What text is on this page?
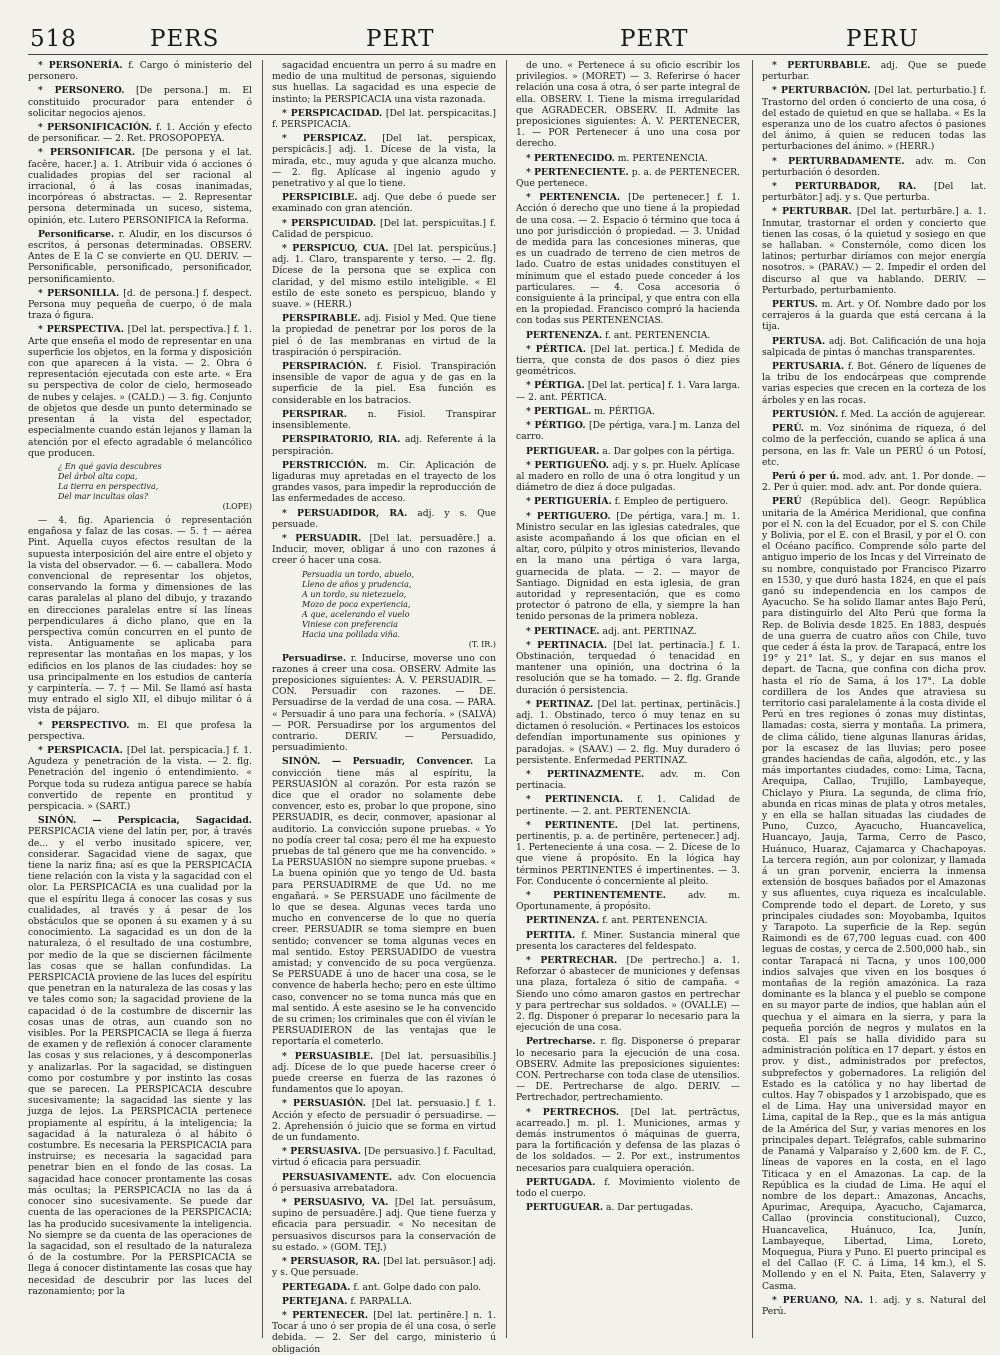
518	PERS	PERT	PERT	PERU

* PERSONERÍA. f. Cargo ó ministerio del personero.

* PERSONERO. [De persona.] m. El constituido procurador para entender ó solicitar negocios ajenos.

* PERSONIFICACIÓN. f. 1. Acción y efecto de personificar. — 2. Ret. PROSOPOPEYA.

* PERSONIFICAR. [De persona y el lat. facĕre, hacer.] a. 1. Atribuir vida ó acciones ó cualidades propias del ser racional al irracional, ó á las cosas inanimadas, incorpóreas ó abstractas. — 2. Representar persona determinada un suceso, sistema, opinión, etc. Lutero PERSONIFICA la Reforma.

Personificarse. r. Aludir, en los discursos ó escritos, á personas determinadas. OBSERV. Antes de E la C se convierte en QU. DERIV. — Personificable, personificado, personificador, personificamiento.

* PERSONILLA. [d. de persona.] f. despect. Persona muy pequeña de cuerpo, ó de mala traza ó figura.

* PERSPECTIVA. [Del lat. perspectīva.] f. 1. Arte que enseña el modo de representar en una superficie los objetos, en la forma y disposición con que aparecen á la vista. — 2. Obra ó representación ejecutada con este arte. « Era su perspectiva de color de cielo, hermoseado de nubes y celajes. » (CALD.) — 3. fig. Conjunto de objetos que desde un punto determinado se presentan á la vista del espectador, especialmente cuando están lejanos y llaman la atención por el efecto agradable ó melancólico que producen.

¿ En qué gavia descubres
Del árbol alta copa,
La tierra en perspectiva,
Del mar incultas olas?
(LOPE)

— 4. fig. Apariencia ó representación engañosa y falaz de las cosas. — 5. † — aérea Pint. Aquella cuyos efectos resultan de la supuesta interposición del aire entre el objeto y la vista del observador. — 6. — caballera. Modo convencional de representar los objetos, conservando la forma y dimensiones de las caras paralelas al plano del dibujo, y trazando en direcciones paralelas entre sí las líneas perpendiculares á dicho plano, que en la perspectiva común concurren en el punto de vista. Antiguamente se aplicaba para representar las montañas en los mapas, y los edificios en los planos de las ciudades: hoy se usa principalmente en los estudios de cantería y carpintería. — 7. † — Mil. Se llamó así hasta muy entrado el siglo XII, el dibujo militar ó á vista de pájaro.

* PERSPECTIVO. m. El que profesa la perspectiva.

* PERSPICACIA. [Del lat. perspicacĭa.] f. 1. Agudeza y penetración de la vista. — 2. flg. Penetración del ingenio ó entendimiento. « Porque toda su rudeza antigua parece se había convertido de repente en prontitud y perspicacia. » (SART.)

SINÓN. — Perspicacia, Sagacidad. PERSPICACIA viene del latín per, por, á través de... y el verbo inusitado spicere, ver, considerar. Sagacidad viene de sagax, que tiene la nariz fina; así es que la PERSPICACIA tiene relación con la vista y la sagacidad con el olor. La PERSPICACIA es una cualidad por la que el espíritu llega á conocer las cosas y sus cualidades, al través y á pesar de los obstáculos que se oponen á su examen y á su conocimiento. La sagacidad es un don de la naturaleza, ó el resultado de una costumbre, por medio de la que se disciernen fácilmente las cosas que se hallan confundidas. La PERSPICACIA proviene de las luces del espíritu que penetran en la naturaleza de las cosas y las ve tales como son; la sagacidad proviene de la capacidad ó de la costumbre de discernir las cosas unas de otras, aun cuando son no visibles. Por la PERSPICACIA se llega á fuerza de examen y de reflexión á conocer claramente las cosas y sus relaciones, y á descomponerlas y analizarlas. Por la sagacidad, se distinguen como por costumbre y por instinto las cosas que se parecen. La PERSPICACIA descubre sucesivamente; la sagacidad las siente y las juzga de lejos. La PERSPICACIA pertenece propiamente al espíritu, á la inteligencia; la sagacidad á la naturaleza ó al hábito ó costumbre. Es necesaria la PERSPICACIA para instruirse; es necesaria la sagacidad para penetrar bien en el fondo de las cosas. La sagacidad hace conocer prontamente las cosas más ocultas; la PERSPICACIA no las da á conocer sino sucesivamente. Se puede dar cuenta de las operaciones de la PERSPICACIA; las ha producido sucesivamente la inteligencia. No siempre se da cuenta de las operaciones de la sagacidad, son el resultado de la naturaleza ó de la costumbre. Por la PERSPICACIA se llega á conocer distintamente las cosas que hay necesidad de descubrir por las luces del razonamiento; por la

sagacidad encuentra un perro á su madre en medio de una multitud de personas, siguiendo sus huellas. La sagacidad es una especie de instinto; la PERSPICACIA una vista razonada.

* PERSPICACIDAD. [Del lat. perspicacitas.] f. PERSPICACIA.

* PERSPICAZ. [Del lat. perspicax, perspicācis.] adj. 1. Dícese de la vista, la mirada, etc., muy aguda y que alcanza mucho. — 2. flg. Aplícase al ingenio agudo y penetrativo y al que lo tiene.

PERSPICIBLE. adj. Que debe ó puede ser examinado con gran atención.

* PERSPICUIDAD. [Del lat. perspicuĭtas.] f. Calidad de perspicuo.

* PERSPICUO, CUA. [Del lat. perspicŭus.] adj. 1. Claro, transparente y terso. — 2. flg. Dícese de la persona que se explica con claridad, y del mismo estilo inteligible. « El estilo de este soneto es perspicuo, blando y suave. » (HERR.)

PERSPIRABLE. adj. Fisiol y Med. Que tiene la propiedad de penetrar por los poros de la piel ó de las membranas en virtud de la traspiración ó perspiración.

PERSPIRACIÓN. f. Fisiol. Transpiración insensible de vapor de agua y de gas en la superficie de la piel. Esa función es considerable en los batracios.

PERSPIRAR. n. Fisiol. Transpirar insensiblemente.

PERSPIRATORIO, RIA. adj. Referente á la perspiración.

PERSTRICCIÓN. m. Cir. Aplicación de ligaduras muy apretadas en el trayecto de los grandes vasos, para impedir la reproducción de las enfermedades de acceso.

* PERSUADIDOR, RA. adj. y s. Que persuade.

* PERSUADIR. [Del lat. persuadēre.] a. Inducir, mover, obligar á uno con razones á creer ó hacer una cosa.

Persuadia un tordo, abuelo,
Lleno de años y prudencia,
A un tordo, su nietezuelo,
Mozo de poca experiencia,
A que, acelerando el vuelo
Viniese con preferencia
Hacia una polilada viña.
(T. IR.)

Persuadirse. r. Inducirse, moverse uno con razones á creer una cosa. OBSERV. Admite las preposiciones siguientes: Á. V. PERSUADIR. — CON. Persuadir con razones. — DE. Persuadirse de la verdad de una cosa. — PARA. « Persuadir á uno para una fechoría. » (SALVÁ) — POR. Persuadirse por los argumentos del contrario. DERIV. — Persuadido, persuadimiento.

SINÓN. — Persuadir, Convencer. La convicción tiene más al espíritu, la PERSUASIÓN al corazón. Por esta razón se dice que el orador no solamente debe convencer, esto es, probar lo que propone, sino PERSUADIR, es decir, conmover, apasionar al auditorio. La convicción supone pruebas. « Yo no podía creer tal cosa; pero él me ha expuesto pruebas de tal género que me ha convencido. » La PERSUASIÓN no siempre supone pruebas. « La buena opinión que yo tengo de Ud. basta para PERSUADIRME de que Ud. no me engañará. » Se PERSUADE uno fácilmente de lo que se desea. Algunas veces tarda uno mucho en convencerse de lo que no quería creer. PERSUADIR se toma siempre en buen sentido; convencer se toma algunas veces en mal sentido. Estoy PERSUADIDO de vuestra amistad; y convencido de su poca vergüenza. Se PERSUADE á uno de hacer una cosa, se le convence de haberla hecho; pero en este último caso, convencer no se toma nunca más que en mal sentido. Á este asesino se le ha convencido de su crimen; los criminales que con él vivían le PERSUADIERON de las ventajas que le reportaría el cometerlo.

* PERSUASIBLE. [Del lat. persuasibĭlis.] adj. Dícese de lo que puede hacerse creer ó puede creerse en fuerza de las razones ó fundamentos que lo apoyan.

* PERSUASIÓN. [Del lat. persuasio.] f. 1. Acción y efecto de persuadir ó persuadirse. — 2. Aprehensión ó juicio que se forma en virtud de un fundamento.

* PERSUASIVA. [De persuasivo.] f. Facultad, virtud ó eficacia para persuadir.

PERSUASIVAMENTE. adv. Con elocuencia ó persuasiva arrebatadora.

* PERSUASIVO, VA. [Del lat. persuāsum, supino de persuadēre.] adj. Que tiene fuerza y eficacia para persuadir. « No necesitan de persuasivos discursos para la conservación de su estado. » (GOM. TEJ.)

* PERSUASOR, RA. [Del lat. persuāsor.] adj. y s. Que persuade.

PERTEGADA. f. ant. Golpe dado con palo.

PERTEJANA. f. PARPALLA.

* PERTENECER. [Del lat. pertinēre.] n. 1. Tocar á uno ó ser propia de él una cosa, ó serle debida. — 2. Ser del cargo, ministerio ú obligación

de uno. « Pertenece á su oficio escribir los privilegios. » (MORET) — 3. Referirse ó hacer relación una cosa á otra, ó ser parte integral de ella. OBSERV. I. Tiene la misma irregularidad que AGRADECER. OBSERV. II. Admite las preposiciones siguientes: Á. V. PERTENECER, 1. — POR Pertenecer á uno una cosa por derecho.

* PERTENECIDO. m. PERTENENCIA.

* PERTENECIENTE. p. a. de PERTENECER. Que pertenece.

* PERTENENCIA. [De pertenecer.] f. 1. Acción ó derecho que uno tiene á la propiedad de una cosa. — 2. Espacio ó término que toca á uno por jurisdicción ó propiedad. — 3. Unidad de medida para las concesiones mineras, que es un cuadrado de terreno de cien metros de lado. Cuatro de estas unidades constituyen el mínimum que el estado puede conceder á los particulares. — 4. Cosa accesoria ó consiguiente á la principal, y que entra con ella en la propiedad. Francisco compró la hacienda con todas sus PERTENENCIAS.

PERTENENZA. f. ant. PERTENENCIA.

* PÉRTICA. [Del lat. pertica.] f. Medida de tierra, que consta de dos pasos ó diez pies geométricos.

* PÉRTIGA. [Del lat. pertica] f. 1. Vara larga. — 2. ant. PÉRTICA.

* PERTIGAL. m. PÉRTIGA.

* PÉRTIGO. [De pértiga, vara.] m. Lanza del carro.

PERTIGUEAR. a. Dar golpes con la pértiga.

* PERTIGUEÑO. adj. y s. pr. Huelv. Aplícase al madero en rollo de una ó otra longitud y un diámetro de diez á doce pulgadas.

* PERTIGUERÍA. f. Empleo de pertiguero.

* PERTIGUERO. [De pértiga, vara.] m. 1. Ministro secular en las iglesias catedrales, que asiste acompañando á los que ofician en el altar, coro, púlpito y otros ministerios, llevando en la mano una pértiga ó vara larga, guarnecida de plata. — 2. — mayor de Santiago. Dignidad en esta iglesia, de gran autoridad y representación, que es como protector ó patrono de ella, y siempre la han tenido personas de la primera nobleza.

* PERTINACE. adj. ant. PERTINAZ.

* PERTINACIA. [Del lat. pertinacĭa.] f. 1. Obstinación, terquedad ó tenacidad en mantener una opinión, una doctrina ó la resolución que se ha tomado. — 2. flg. Grande duración ó persistencia.

* PERTINAZ. [Del lat. pertinax, pertinācis.] adj. 1. Obstinado, terco ó muy tenaz en su dictamen ó resolución. « Pertinaces los estoicos defendían importunamente sus opiniones y paradojas. » (SAAV.) — 2. flg. Muy duradero ó persistente. Enfermedad PERTINAZ.

* PERTINAZMENTE. adv. m. Con pertinacia.

* PERTINENCIA. f. 1. Calidad de pertinente. — 2. ant. PERTENENCIA.

* PERTINENTE. [Del lat. pertinens, pertinentis, p. a. de pertinēre, pertenecer.] adj. 1. Perteneciente á una cosa. — 2. Dícese de lo que viene á propósito. En la lógica hay términos PERTINENTES é impertinentes. — 3. For. Conducente ó concerniente al pleito.

* PERTINENTEMENTE. adv. m. Oportunamente, á propósito.

PERTINENZA. f. ant. PERTENENCIA.

PERTITA. f. Miner. Sustancia mineral que presenta los caracteres del feldespato.

* PERTRECHAR. [De pertrecho.] a. 1. Reforzar ó abastecer de municiones y defensas una plaza, fortaleza ó sitio de campaña. « Siendo uno cómo amaron gastos en pertrechar y para pertrechar sus soldados. » (OVALLE) — 2. flg. Disponer ó preparar lo necesario para la ejecución de una cosa.

Pertrecharse. r. flg. Disponerse ó preparar lo necesario para la ejecución de una cosa. OBSERV. Admite las preposiciones siguientes: CON. Pertrecharse con toda clase de utensilios. — DE. Pertrecharse de algo. DERIV. — Pertrechador, pertrechamiento.

* PERTRECHOS. [Del lat. pertrāctus, acarreado.] m. pl. 1. Municiones, armas y demás instrumentos ó máquinas de guerra, para la fortificación y defensa de las plazas ó de los soldados. — 2. Por ext., instrumentos necesarios para cualquiera operación.

PERTUGADA. f. Movimiento violento de todo el cuerpo.

PERTUGUEAR. a. Dar pertugadas.

* PERTURBABLE. adj. Que se puede perturbar.

* PERTURBACIÓN. [Del lat. perturbatio.] f. Trastorno del orden ó concierto de una cosa, ó del estado de quietud en que se hallaba. « Es la esperanza uno de los cuatro afectos ó pasiones del ánimo, á quien se reducen todas las perturbaciones del ánimo. » (HERR.)

* PERTURBADAMENTE. adv. m. Con perturbación ó desorden.

* PERTURBADOR, RA. [Del lat. perturbātor.] adj. y s. Que perturba.

* PERTURBAR. [Del lat. perturbāre.] a. 1. Inmutar, trastornar el orden y concierto que tienen las cosas, ó la quietud y sosiego en que se hallaban. « Consternóle, como dicen los latinos; perturbar diríamos con mejor energía nosotros. » (PARAV.) — 2. Impedir el orden del discurso al que va hablando. DERIV. — Perturbado, perturbamiento.

PERTUS. m. Art. y Of. Nombre dado por los cerrajeros á la guarda que está cercana á la tija.

PERTUSA. adj. Bot. Calificación de una hoja salpicada de pintas ó manchas transparentes.

PERTUSARIA. f. Bot. Género de líquenes de la tribu de los endocárpeas que comprende varias especies que crecen en la corteza de los árboles y en las rocas.

PERTUSIÓN. f. Med. La acción de agujerear.

PERÚ. m. Voz sinónima de riqueza, ó del colmo de la perfección, cuando se aplica á una persona, en las fr. Vale un PERÚ ó un Potosí, etc.

Perú ó per ú. mod. adv. ant. 1. Por donde. — 2. Per ú quier. mod. adv. ant. Por donde quiera.

PERÚ (República del). Geogr. República unitaria de la América Meridional, que confina por el N. con la del Ecuador, por el S. con Chile y Bolivia, por el E. con el Brasil, y por el O. con el Océano pacífico. Comprende sólo parte del antiguo imperio de los Incas y del Virreinato de su nombre, conquistado por Francisco Pizarro en 1530, y que duró hasta 1824, en que el país ganó su independencia en los campos de Ayacucho. Se ha solido llamar antes Bajo Perú, para distinguirlo del Alto Perú que forma la Rep. de Bolivia desde 1825. En 1883, después de una guerra de cuatro años con Chile, tuvo que ceder á ésta la prov. de Tarapacá, entre los 19° y 21° lat. S., y dejar en sus manos el depart. de Tacna, que confina con dicha prov. hasta el río de Sama, á los 17°. La doble cordillera de los Andes que atraviesa su territorio casi paralelamente á la costa divide el Perú en tres regiones ó zonas muy distintas, llamadas: costa, sierra y montaña. La primera, de clima cálido, tiene algunas llanuras áridas, por la escasez de las lluvias; pero posee grandes haciendas de caña, algodón, etc., y las más importantes ciudades, como: Lima, Tacna, Arequipa, Callao, Trujillo, Lambayeque, Chiclayo y Piura. La segunda, de clima frío, abunda en ricas minas de plata y otros metales, y en ella se hallan situadas las ciudades de Puno, Cuzco, Ayacucho, Huancavelica, Huancayo, Jauja, Tarma, Cerro de Pasco, Huánuco, Huaraz, Cajamarca y Chachapoyas. La tercera región, aun por colonizar, y llamada á un gran porvenir, encierra la inmensa extensión de bosques bañados por el Amazonas y sus afluentes, cuya riqueza es incalculable. Comprende todo el depart. de Loreto, y sus principales ciudades son: Moyobamba, Iquitos y Tarapoto. La superficie de la Rep. según Raimondi es de 67,700 leguas cuad. con 400 leguas de costas, y cerca de 2.500,000 hab., sin contar Tarapacá ni Tacna, y unos 100,000 indios salvajes que viven en los bosques ó montañas de la región amazónica. La raza dominante es la blanca y el pueblo se compone en su mayor parte de indios, que hablan aún el quechua y el aimara en la sierra, y para la pequeña porción de negros y mulatos en la costa. El país se halla dividido para su administración política en 17 depart. y éstos en prov. y dist., administrados por prefectos, subprefectos y gobernadores. La religión del Estado es la católica y no hay libertad de cultos. Hay 7 obispados y 1 arzobispado, que es el de Lima. Hay una universidad mayor en Lima, capital de la Rep., que es la más antigua de la América del Sur, y varias menores en los principales depart. Telégrafos, cable submarino de Panamá y Valparaíso y 2,600 km. de F. C., líneas de vapores en la costa, en el lago Titicaca y en el Amazonas. La cap. de la República es la ciudad de Lima. He aquí el nombre de los depart.: Amazonas, Ancachs, Apurimac, Arequipa, Ayacucho, Cajamarca, Callao (provincia constitucional), Cuzco, Huancavelica, Huánuco, Ica, Junín, Lambayeque, Libertad, Lima, Loreto, Moquegua, Piura y Puno. El puerto principal es el del Callao (F. C. á Lima, 14 km.), el S. Mollendo y en el N. Paita, Eten, Salaverry y Casma.

* PERUANO, NA. 1. adj. y s. Natural del Perú.
